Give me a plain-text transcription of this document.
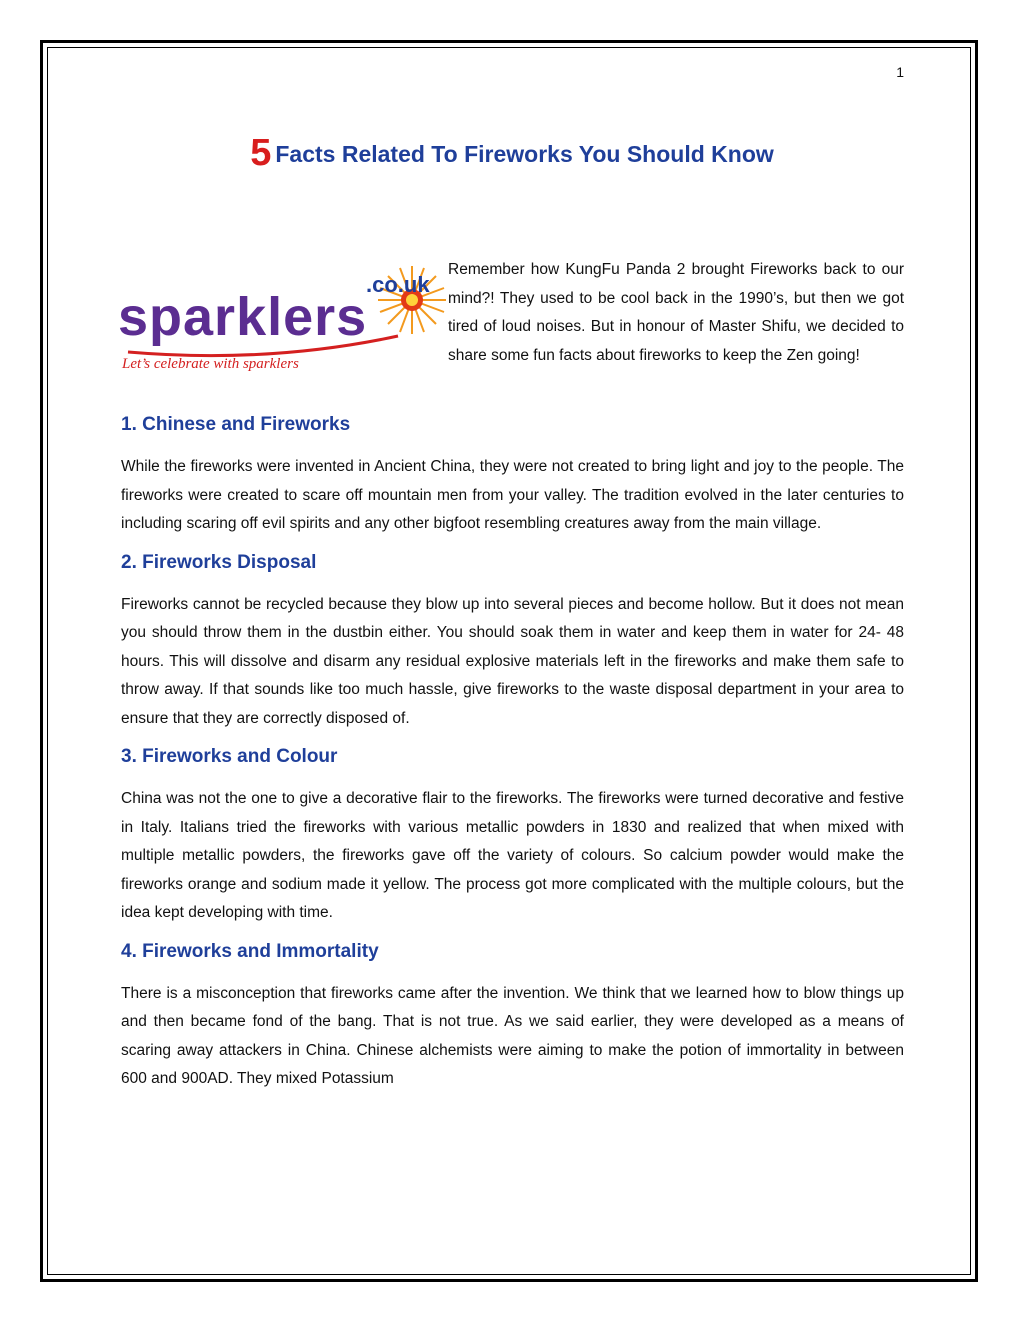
1
5 Facts Related To Fireworks You Should Know
.co.uk
sparklers
Let’s celebrate with sparklers

Remember how KungFu Panda 2 brought Fireworks back to our mind?! They used to be cool back in the 1990’s, but then we got tired of loud noises. But in honour of Master Shifu, we decided to share some fun facts about fireworks to keep the Zen going!

1. Chinese and Fireworks

While the fireworks were invented in Ancient China, they were not created to bring light and joy to the people. The fireworks were created to scare off mountain men from your valley. The tradition evolved in the later centuries to including scaring off evil spirits and any other bigfoot resembling creatures away from the main village.

2. Fireworks Disposal

Fireworks cannot be recycled because they blow up into several pieces and become hollow. But it does not mean you should throw them in the dustbin either. You should soak them in water and keep them in water for 24- 48 hours. This will dissolve and disarm any residual explosive materials left in the fireworks and make them safe to throw away. If that sounds like too much hassle, give fireworks to the waste disposal department in your area to ensure that they are correctly disposed of.

3. Fireworks and Colour

China was not the one to give a decorative flair to the fireworks. The fireworks were turned decorative and festive in Italy. Italians tried the fireworks with various metallic powders in 1830 and realized that when mixed with multiple metallic powders, the fireworks gave off the variety of colours. So calcium powder would make the fireworks orange and sodium made it yellow. The process got more complicated with the multiple colours, but the idea kept developing with time.

4. Fireworks and Immortality

There is a misconception that fireworks came after the invention. We think that we learned how to blow things up and then became fond of the bang. That is not true. As we said earlier, they were developed as a means of scaring away attackers in China. Chinese alchemists were aiming to make the potion of immortality in between 600 and 900AD. They mixed Potassium
